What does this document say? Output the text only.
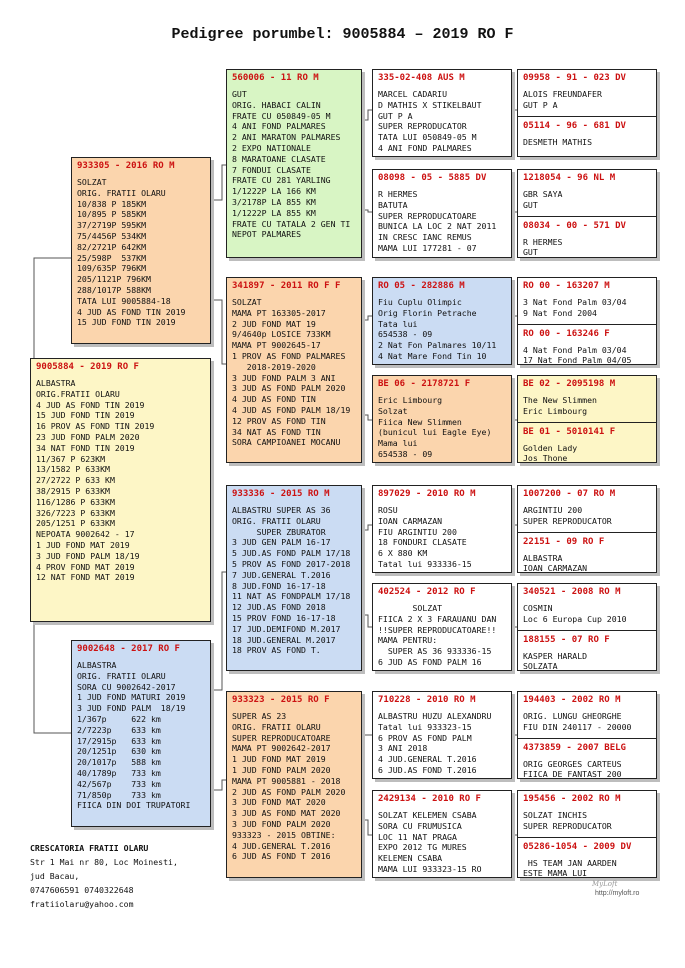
Pedigree porumbel: 9005884 – 2019 RO F
9005884 - 2019 RO F
ALBASTRA
ORIG.FRATII OLARU
4 JUD AS FOND TIN 2019
15 JUD FOND TIN 2019
16 PROV AS FOND TIN 2019
23 JUD FOND PALM 2020
34 NAT FOND TIN 2019
11/367 P 623KM
13/1582 P 633KM
27/2722 P 633 KM
38/2915 P 633KM
116/1286 P 633KM
326/7223 P 633KM
205/1251 P 633KM
NEPOATA 9002642 - 17
1 JUD FOND MAT 2019
3 JUD FOND PALM 18/19
4 PROV FOND MAT 2019
12 NAT FOND MAT 2019
933305 - 2016 RO M
SOLZAT
ORIG. FRATII OLARU
10/838 P 185KM
10/895 P 585KM
37/2719P 595KM
75/4456P 534KM
82/2721P 642KM
25/598P  537KM
109/635P 796KM
205/1121P 796KM
288/1017P 588KM
TATA LUI 9005884-18
4 JUD AS FOND TIN 2019
15 JUD FOND TIN 2019
9002648 - 2017 RO F
ALBASTRA
ORIG. FRATII OLARU
SORA CU 9002642-2017
1 JUD FOND MATURI 2019
3 JUD FOND PALM  18/19
1/367p     622 km
2/7223p    633 km
17/2915p   633 km
20/1251p   630 km
20/1017p   588 km
40/1789p   733 km
42/567p    733 km
71/850p    733 km
FIICA DIN DOI TRUPATORI
560006 - 11 RO M
GUT
ORIG. HABACI CALIN
FRATE CU 050849-05 M
4 ANI FOND PALMARES
2 ANI MARATON PALMARES
2 EXPO NATIONALE
8 MARATOANE CLASATE
7 FONDUI CLASATE
FRATE CU 281 YARLING
1/1222P LA 166 KM
3/2178P LA 855 KM
1/1222P LA 855 KM
FRATE CU TATALA 2 GEN TI
NEPOT PALMARES
341897 - 2011 RO F F
SOLZAT
MAMA PT 163305-2017
2 JUD FOND MAT 19
9/4640p LOSICE 733KM
MAMA PT 9002645-17
1 PROV AS FOND PALMARES
2018-2019-2020
3 JUD FOND PALM 3 ANI
3 JUD AS FOND PALM 2020
4 JUD AS FOND TIN
4 JUD AS FOND PALM 18/19
12 PROV AS FOND TIN
34 NAT AS FOND TIN
SORA CAMPIOANEI MOCANU
933336 - 2015 RO M
ALBASTRU SUPER AS 36
ORIG. FRATII OLARU
SUPER ZBURATOR
3 JUD GEN PALM 16-17
5 JUD.AS FOND PALM 17/18
5 PROV AS FOND 2017-2018
7 JUD.GENERAL T.2016
8 JUD.FOND 16-17-18
11 NAT AS FONDPALM 17/18
12 JUD.AS FOND 2018
15 PROV FOND 16-17-18
17 JUD.DEMIFOND M.2017
18 JUD.GENERAL M.2017
18 PROV AS FOND T.
933323 - 2015 RO F
SUPER AS 23
ORIG. FRATII OLARU
SUPER REPRODUCATOARE
MAMA PT 9002642-2017
1 JUD FOND MAT 2019
1 JUD FOND PALM 2020
MAMA PT 9005881 - 2018
2 JUD AS FOND PALM 2020
3 JUD FOND MAT 2020
3 JUD AS FOND MAT 2020
3 JUD FOND PALM 2020
933323 - 2015 OBTINE:
4 JUD.GENERAL T.2016
6 JUD AS FOND T 2016
335-02-408 AUS M
MARCEL CADARIU
D MATHIS X STIKELBAUT
GUT P A
SUPER REPRODUCATOR
TATA LUI 050849-05 M
4 ANI FOND PALMARES
08098 - 05 - 5885 DV
R HERMES
BATUTA
SUPER REPRODUCATOARE
BUNICA LA LOC 2 NAT 2011
IN CRESC IANC REMUS
MAMA LUI 177281 - 07
RO 05 - 282886 M
Fiu Cuplu Olimpic
Orig Florin Petrache
Tata lui
654538 - 09
2 Nat Fon Palmares 10/11
4 Nat Mare Fond Tin 10
BE 06 - 2178721 F
Eric Limbourg
Solzat
Fiica New Slimmen
(bunicul lui Eagle Eye)
Mama lui
654538 - 09
897029 - 2010 RO M
ROSU
IOAN CARMAZAN
FIU ARGINTIU 200
18 FONDURI CLASATE
6 X 880 KM
Tatal lui 933336-15
402524 - 2012 RO F
SOLZAT
FIICA 2 X 3 FARAUANU DAN
!!SUPER REPRODUCATOARE!!
MAMA PENTRU:
SUPER AS 36 933336-15
6 JUD AS FOND PALM 16
710228 - 2010 RO M
ALBASTRU HUZU ALEXANDRU
Tatal lui 933323-15
6 PROV AS FOND PALM
3 ANI 2018
4 JUD.GENERAL T.2016
6 JUD.AS FOND T.2016
2429134 - 2010 RO F
SOLZAT KELEMEN CSABA
SORA CU FRUMUSICA
LOC 11 NAT PRAGA
EXPO 2012 TG MURES
KELEMEN CSABA
MAMA LUI 933323-15 RO
09958 - 91 - 023 DV
ALOIS FREUNDAFER
GUT P A
05114 - 96 - 681 DV
DESMETH MATHIS
1218054 - 96 NL M
GBR SAYA
GUT
08034 - 00 - 571 DV
R HERMES
GUT
RO 00 - 163207 M
3 Nat Fond Palm 03/04
9 Nat Fond 2004
RO 00 - 163246 F
4 Nat Fond Palm 03/04
17 Nat Fond Palm 04/05
BE 02 - 2095198 M
The New Slimmen
Eric Limbourg
BE 01 - 5010141 F
Golden Lady
Jos Thone
1007200 - 07 RO M
ARGINTIU 200
SUPER REPRODUCATOR
22151 - 09 RO F
ALBASTRA
IOAN CARMAZAN
340521 - 2008 RO M
COSMIN
Loc 6 Europa Cup 2010
188155 - 07 RO F
KASPER HARALD
SOLZATA
194403 - 2002 RO M
ORIG. LUNGU GHEORGHE
FIU DIN 240117 - 20000
4373859 - 2007 BELG
ORIG GEORGES CARTEUS
FIICA DE FANTAST 200
195456 - 2002 RO M
SOLZAT INCHIS
SUPER REPRODUCATOR
05286-1054 - 2009 DV
HS TEAM JAN AARDEN
ESTE MAMA LUI
CRESCATORIA FRATII OLARU
Str 1 Mai nr 80, Loc Moinesti,
jud Bacau,
0747606591 0740322648
fratiiolaru@yahoo.com
MyLoft
http://myloft.ro
